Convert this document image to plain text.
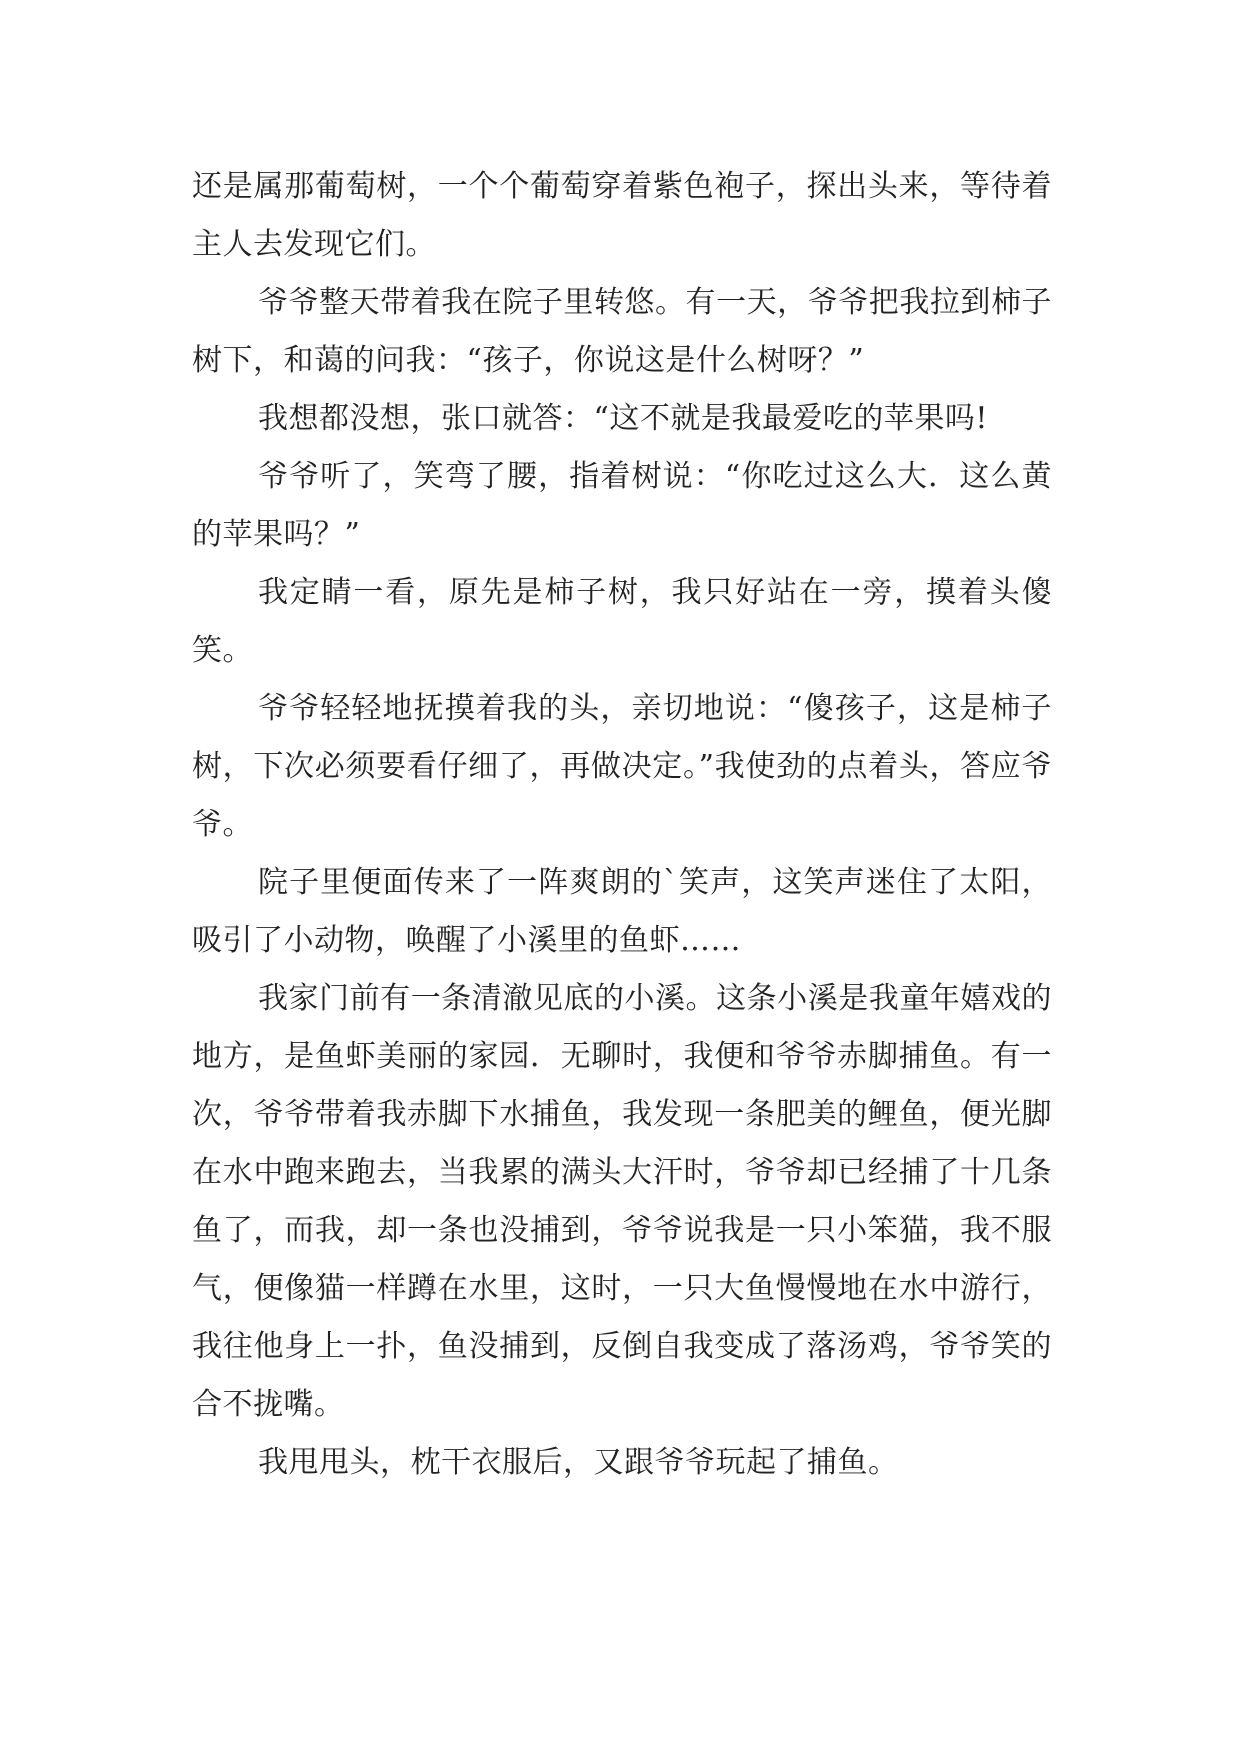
还是属那葡萄树，一个个葡萄穿着紫色袍子，探出头来，等待着主人去发现它们。

爷爷整天带着我在院子里转悠。有一天，爷爷把我拉到柿子树下，和蔼的问我：“孩子，你说这是什么树呀？”

我想都没想，张口就答：“这不就是我最爱吃的苹果吗!

爷爷听了，笑弯了腰，指着树说：“你吃过这么大．这么黄的苹果吗？”

我定睛一看，原先是柿子树，我只好站在一旁，摸着头傻笑。

爷爷轻轻地抚摸着我的头，亲切地说：“傻孩子，这是柿子树，下次必须要看仔细了，再做决定。”我使劲的点着头，答应爷爷。

院子里便面传来了一阵爽朗的`笑声，这笑声迷住了太阳，吸引了小动物，唤醒了小溪里的鱼虾……

我家门前有一条清澈见底的小溪。这条小溪是我童年嬉戏的地方，是鱼虾美丽的家园．无聊时，我便和爷爷赤脚捕鱼。有一次，爷爷带着我赤脚下水捕鱼，我发现一条肥美的鲤鱼，便光脚在水中跑来跑去，当我累的满头大汗时，爷爷却已经捕了十几条鱼了，而我，却一条也没捕到，爷爷说我是一只小笨猫，我不服气，便像猫一样蹲在水里，这时，一只大鱼慢慢地在水中游行，我往他身上一扑，鱼没捕到，反倒自我变成了落汤鸡，爷爷笑的合不拢嘴。

我甩甩头，枕干衣服后，又跟爷爷玩起了捕鱼。
